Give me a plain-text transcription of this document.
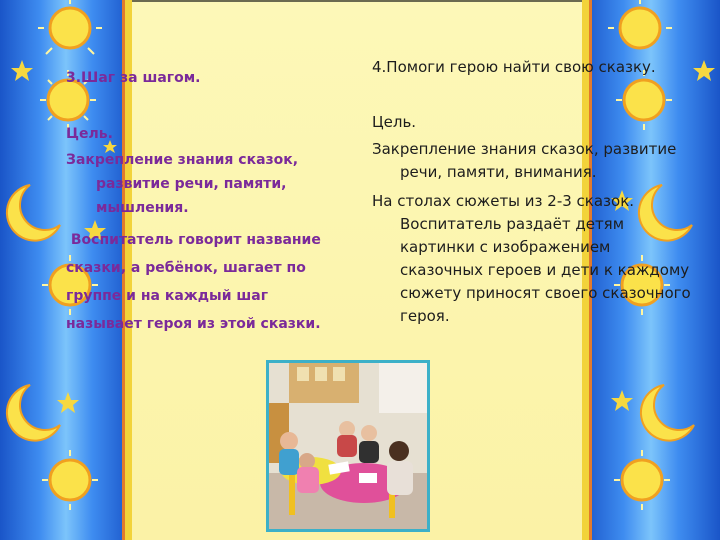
3.Шаг за шагом.

Цель.

Закрепление знания сказок, развитие речи, памяти, мышления.

Воспитатель говорит название

сказки, а ребёнок, шагает по

группе и на каждый шаг

называет героя из этой сказки.

4.Помоги герою найти свою сказку.

Цель.

Закрепление знания сказок, развитие речи, памяти, внимания.

На столах сюжеты из 2-3 сказок. Воспитатель раздаёт детям картинки с изображением сказочных героев и дети к каждому сюжету приносят своего сказочного героя.
